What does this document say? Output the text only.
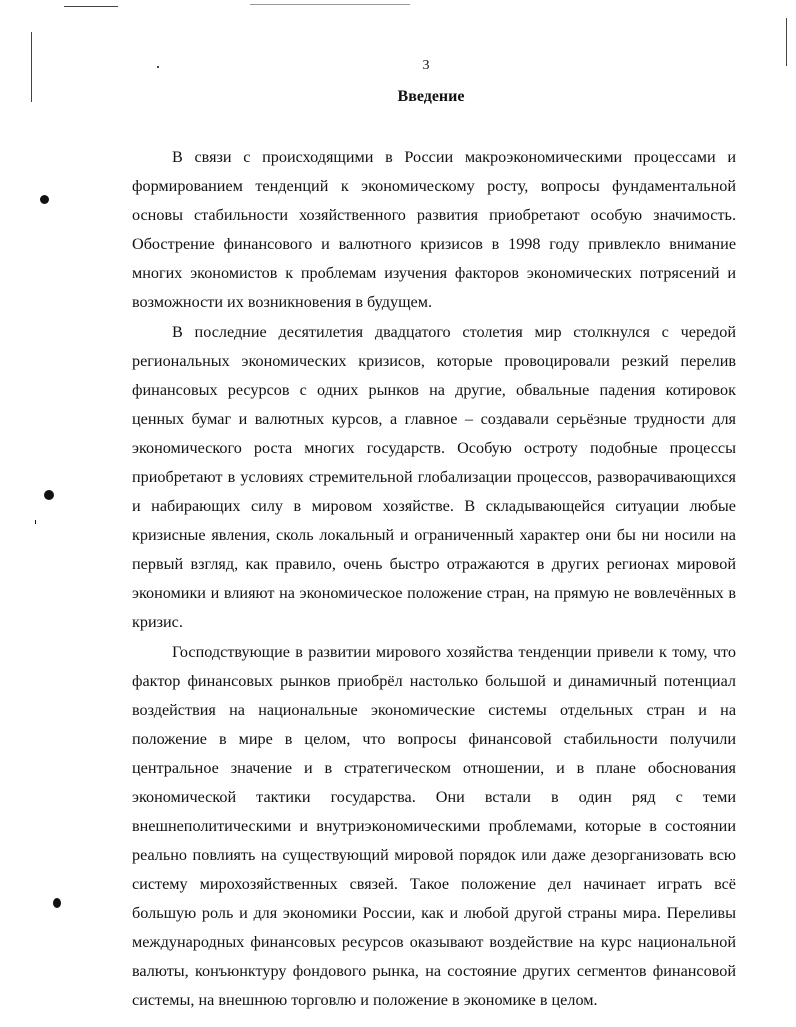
3
Введение

В связи с происходящими в России макроэкономическими процессами и формированием тенденций к экономическому росту, вопросы фундаментальной основы стабильности хозяйственного развития приобретают особую значимость. Обострение финансового и валютного кризисов в 1998 году привлекло внимание многих экономистов к проблемам изучения факторов экономических потрясений и возможности их возникновения в будущем.

В последние десятилетия двадцатого столетия мир столкнулся с чередой региональных экономических кризисов, которые провоцировали резкий перелив финансовых ресурсов с одних рынков на другие, обвальные падения котировок ценных бумаг и валютных курсов, а главное – создавали серьёзные трудности для экономического роста многих государств. Особую остроту подобные процессы приобретают в условиях стремительной глобализации процессов, разворачивающихся и набирающих силу в мировом хозяйстве. В складывающейся ситуации любые кризисные явления, сколь локальный и ограниченный характер они бы ни носили на первый взгляд, как правило, очень быстро отражаются в других регионах мировой экономики и влияют на экономическое положение стран, на прямую не вовлечённых в кризис.

Господствующие в развитии мирового хозяйства тенденции привели к тому, что фактор финансовых рынков приобрёл настолько большой и динамичный потенциал воздействия на национальные экономические системы отдельных стран и на положение в мире в целом, что вопросы финансовой стабильности получили центральное значение и в стратегическом отношении, и в плане обоснования экономической тактики государства. Они встали в один ряд с теми внешнеполитическими и внутриэкономическими проблемами, которые в состоянии реально повлиять на существующий мировой порядок или даже дезорганизовать всю систему мирохозяйственных связей. Такое положение дел начинает играть всё большую роль и для экономики России, как и любой другой страны мира. Переливы международных финансовых ресурсов оказывают воздействие на курс национальной валюты, конъюнктуру фондового рынка, на состояние других сегментов финансовой системы, на внешнюю торговлю и положение в экономике в целом.
